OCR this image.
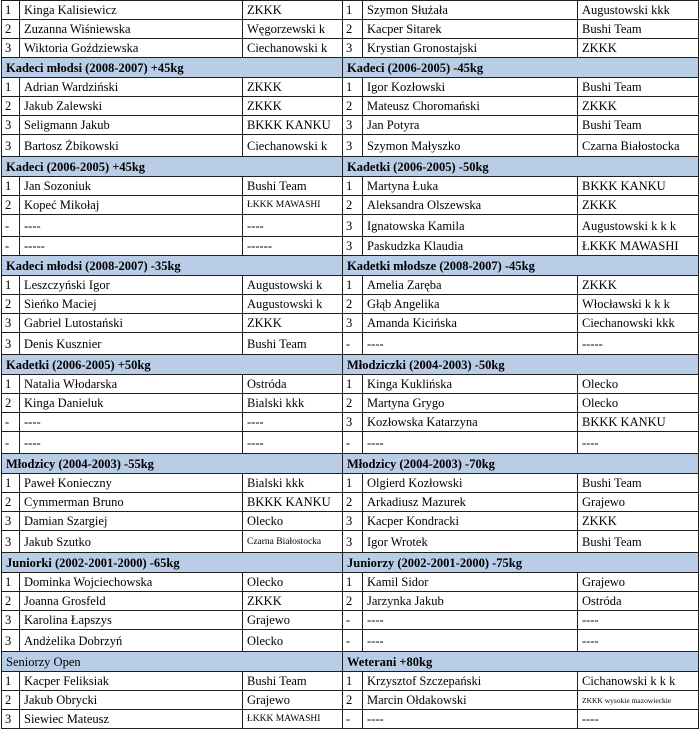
1	Kinga Kalisiewicz	ZKKK	1	Szymon Służała	Augustowski kkk
2	Zuzanna Wiśniewska	Węgorzewski k	2	Kacper Sitarek	Bushi Team
3	Wiktoria Goździewska	Ciechanowski k	3	Krystian Gronostajski	ZKKK
Kadeci młodsi (2008-2007) +45kg			Kadeci (2006-2005) -45kg		
1	Adrian Wardziński	ZKKK	1	Igor Kozłowski	Bushi Team
2	Jakub Zalewski	ZKKK	2	Mateusz Choromański	ZKKK
3	Seligmann Jakub	BKKK KANKU	3	Jan Potyra	Bushi Team
3	Bartosz Żbikowski	Ciechanowski k	3	Szymon Małyszko	Czarna Białostocka
Kadeci (2006-2005) +45kg			Kadetki (2006-2005) -50kg		
1	Jan Sozoniuk	Bushi Team	1	Martyna Łuka	BKKK KANKU
2	Kopeć Mikołaj	ŁKKK MAWASHI	2	Aleksandra Olszewska	ZKKK
-	----	----	3	Ignatowska Kamila	Augustowski k k k
-	-----	------	3	Paskudzka Klaudia	ŁKKK MAWASHI
Kadeci młodsi (2008-2007) -35kg			Kadetki młodsze (2008-2007) -45kg		
1	Leszczyński Igor	Augustowski k	1	Amelia Zaręba	ZKKK
2	Sieńko Maciej	Augustowski k	2	Głąb Angelika	Włocławski k k k
3	Gabriel Lutostański	ZKKK	3	Amanda Kicińska	Ciechanowski kkk
3	Denis Kusznier	Bushi Team	-	----	-----
Kadetki (2006-2005) +50kg			Młodziczki (2004-2003) -50kg		
1	Natalia Włodarska	Ostróda	1	Kinga Kuklińska	Olecko
2	Kinga Danieluk	Bialski kkk	2	Martyna Grygo	Olecko
-	----	----	3	Kozłowska Katarzyna	BKKK KANKU
-	----	----	-	----	----
Młodzicy (2004-2003) -55kg			Młodzicy (2004-2003) -70kg		
1	Paweł Konieczny	Bialski kkk	1	Olgierd Kozłowski	Bushi Team
2	Cymmerman Bruno	BKKK KANKU	2	Arkadiusz Mazurek	Grajewo
3	Damian Szargiej	Olecko	3	Kacper Kondracki	ZKKK
3	Jakub Szutko	Czarna Białostocka	3	Igor Wrotek	Bushi Team
Juniorki (2002-2001-2000) -65kg			Juniorzy (2002-2001-2000) -75kg		
1	Dominka Wojciechowska	Olecko	1	Kamil Sidor	Grajewo
2	Joanna Grosfeld	ZKKK	2	Jarzynka Jakub	Ostróda
3	Karolina Łapszys	Grajewo	-	----	----
3	Andżelika Dobrzyń	Olecko	-	----	----
Seniorzy Open			Weterani +80kg		
1	Kacper Feliksiak	Bushi Team	1	Krzysztof Szczepański	Cichanowski k k k
2	Jakub Obrycki	Grajewo	2	Marcin Ołdakowski	ZKKK wysokie mazowieckie
3	Siewiec Mateusz	ŁKKK MAWASHI	-	----	----
